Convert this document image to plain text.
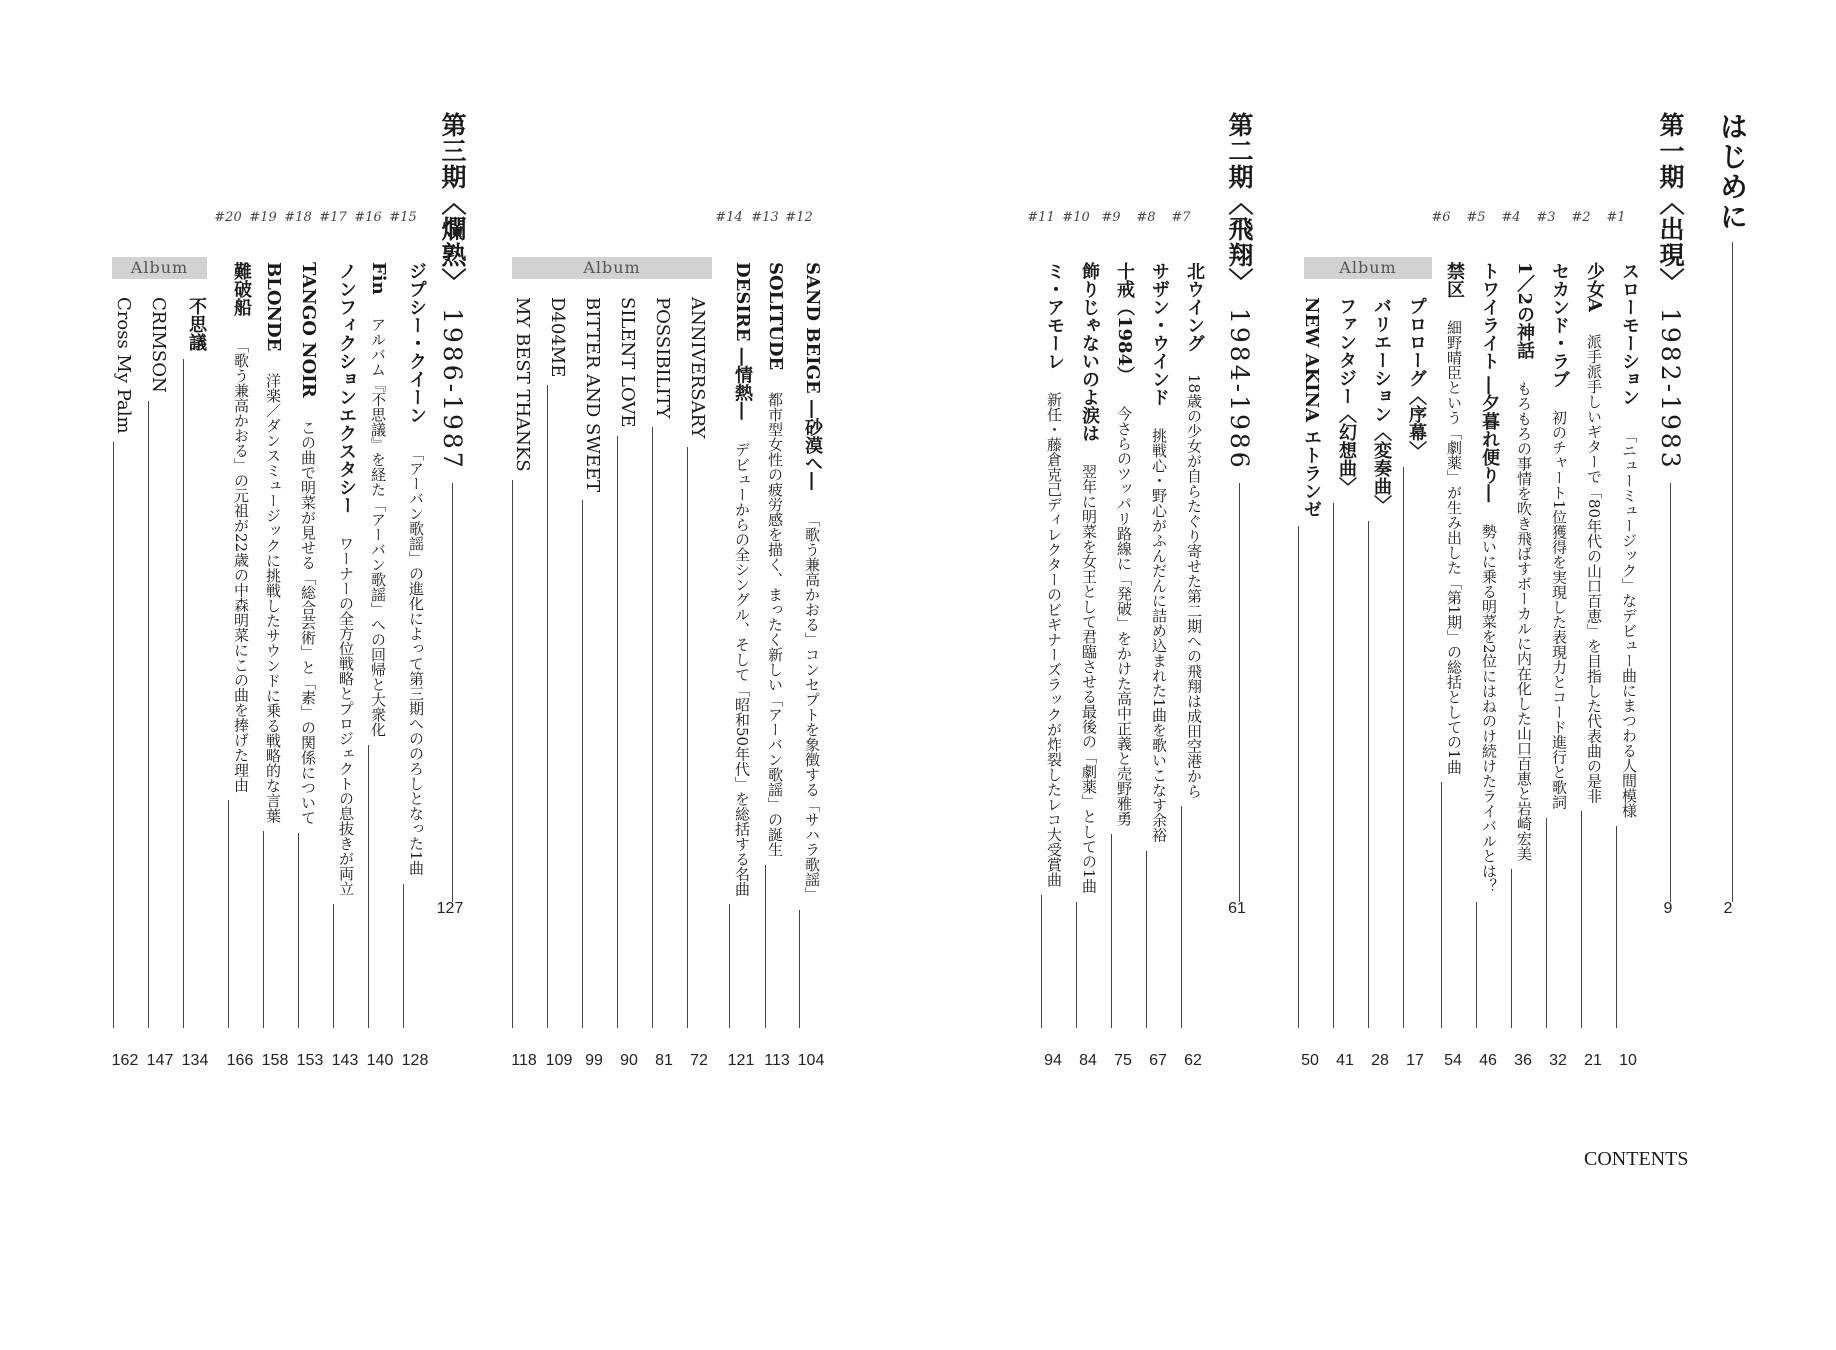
CONTENTS
はじめに
2
第一期〈出現〉1982-1983
9
#1
スローモーション「ニューミュージック」なデビュー曲にまつわる人間模様
10
#2
少女A派手派手しいギターで「80年代の山口百恵」を目指した代表曲の是非
21
#3
セカンド・ラブ初のチャート1位獲得を実現した表現力とコード進行と歌詞
32
#4
1／2の神話もろもろの事情を吹き飛ばすボーカルに内在化した山口百恵と岩崎宏美
36
#5
トワイライト ―夕暮れ便り―勢いに乗る明菜を2位にはねのけ続けたライバルとは？
46
#6
禁区細野晴臣という「劇薬」が生み出した「第1期」の総括としての1曲
54
Album
プロローグ〈序幕〉
17
バリエーション〈変奏曲〉
28
ファンタジー〈幻想曲〉
41
NEW AKINA エトランゼ
50
第二期〈飛翔〉1984-1986
61
#7
北ウイング18歳の少女が自らたぐり寄せた第二期への飛翔は成田空港から
62
#8
サザン・ウインド挑戦心・野心がふんだんに詰め込まれた1曲を歌いこなす余裕
67
#9
十戒（1984）今さらのツッパリ路線に「発破」をかけた高中正義と売野雅勇
75
#10
飾りじゃないのよ涙は翌年に明菜を女王として君臨させる最後の「劇薬」としての1曲
84
#11
ミ・アモーレ新任・藤倉克己ディレクターのビギナーズラックが炸裂したレコ大受賞曲
94
#12
SAND BEIGE ―砂漠へ―「歌う兼高かおる」コンセプトを象徴する「サハラ歌謡」
104
#13
SOLITUDE都市型女性の疲労感を描く、まったく新しい「アーバン歌謡」の誕生
113
#14
DESIRE ―情熱―デビューからの全シングル、そして「昭和50年代」を総括する名曲
121
Album
ANNIVERSARY
72
POSSIBILITY
81
SILENT LOVE
90
BITTER AND SWEET
99
D404ME
109
MY BEST THANKS
118
第三期〈爛熟〉1986-1987
127
#15
ジプシー・クイーン「アーバン歌謡」の進化によって第三期へののろしとなった1曲
128
#16
Finアルバム『不思議』を経た「アーバン歌謡」への回帰と大衆化
140
#17
ノンフィクションエクスタシーワーナーの全方位戦略とプロジェクトの息抜きが両立
143
#18
TANGO NOIRこの曲で明菜が見せる「総合芸術」と「素」の関係について
153
#19
BLONDE洋楽／ダンスミュージックに挑戦したサウンドに乗る戦略的な言葉
158
#20
難破船「歌う兼高かおる」の元祖が22歳の中森明菜にこの曲を捧げた理由
166
Album
不思議
134
CRIMSON
147
Cross My Palm
162
